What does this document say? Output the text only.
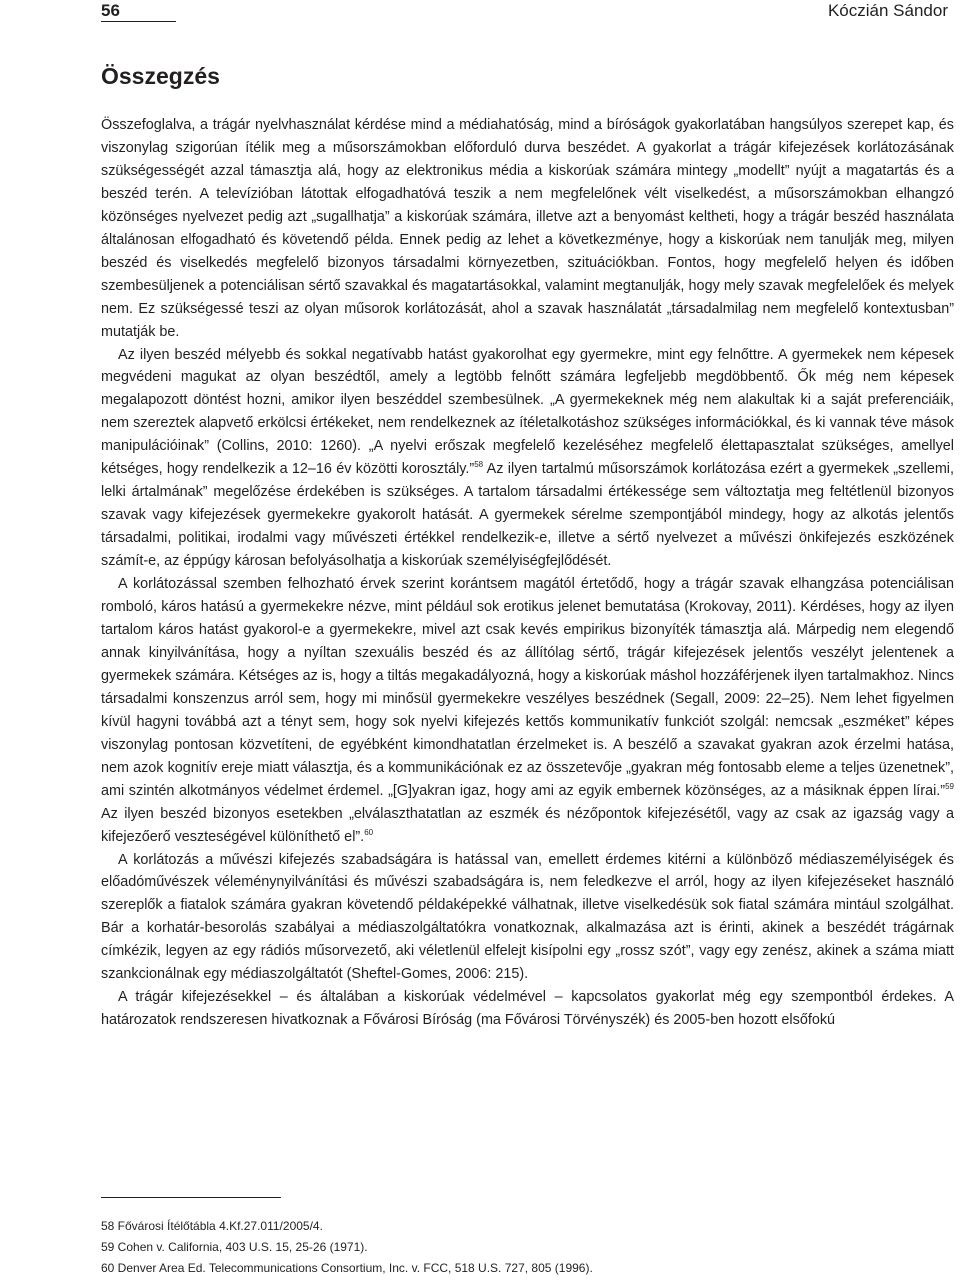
56	Kóczián Sándor
Összegzés

Összefoglalva, a trágár nyelvhasználat kérdése mind a médiahatóság, mind a bíróságok gyakorlatában hangsúlyos szerepet kap, és viszonylag szigorúan ítélik meg a műsorszámokban előforduló durva beszédet. A gyakorlat a trágár kifejezések korlátozásának szükségességét azzal támasztja alá, hogy az elektronikus média a kiskorúak számára mintegy „modellt” nyújt a magatartás és a beszéd terén. A televízióban látottak elfogadhatóvá teszik a nem megfelelőnek vélt viselkedést, a műsorszámokban elhangzó közönséges nyelvezet pedig azt „sugallhatja” a kiskorúak számára, illetve azt a benyomást keltheti, hogy a trágár beszéd használata általánosan elfogadható és követendő példa. Ennek pedig az lehet a következménye, hogy a kiskorúak nem tanulják meg, milyen beszéd és viselkedés megfelelő bizonyos társadalmi környezetben, szituációkban. Fontos, hogy megfelelő helyen és időben szembesüljenek a potenciálisan sértő szavakkal és magatartásokkal, valamint megtanulják, hogy mely szavak megfelelőek és melyek nem. Ez szükségessé teszi az olyan műsorok korlátozását, ahol a szavak használatát „társadalmilag nem megfelelő kontextusban” mutatják be.

Az ilyen beszéd mélyebb és sokkal negatívabb hatást gyakorolhat egy gyermekre, mint egy felnőttre. A gyermekek nem képesek megvédeni magukat az olyan beszédtől, amely a legtöbb felnőtt számára legfeljebb megdöbbentő. Ők még nem képesek megalapozott döntést hozni, amikor ilyen beszéddel szembesülnek. „A gyermekeknek még nem alakultak ki a saját preferenciáik, nem szereztek alapvető erkölcsi értékeket, nem rendelkeznek az ítéletalkotáshoz szükséges információkkal, és ki vannak téve mások manipulációinak” (Collins, 2010: 1260). „A nyelvi erőszak megfelelő kezeléséhez megfelelő élettapasztalat szükséges, amellyel kétséges, hogy rendelkezik a 12–16 év közötti korosztály.”$^{58}$ Az ilyen tartalmú műsorszámok korlátozása ezért a gyermekek „szellemi, lelki ártalmának” megelőzése érdekében is szükséges. A tartalom társadalmi értékessége sem változtatja meg feltétlenül bizonyos szavak vagy kifejezések gyermekekre gyakorolt hatását. A gyermekek sérelme szempontjából mindegy, hogy az alkotás jelentős társadalmi, politikai, irodalmi vagy művészeti értékkel rendelkezik-e, illetve a sértő nyelvezet a művészi önkifejezés eszközének számít-e, az éppúgy károsan befolyásolhatja a kiskorúak személyiségfejlődését.

A korlátozással szemben felhozható érvek szerint korántsem magától értetődő, hogy a trágár szavak elhangzása potenciálisan romboló, káros hatású a gyermekekre nézve, mint például sok erotikus jelenet bemutatása (Krokovay, 2011). Kérdéses, hogy az ilyen tartalom káros hatást gyakorol-e a gyermekekre, mivel azt csak kevés empirikus bizonyíték támasztja alá. Márpedig nem elegendő annak kinyilvánítása, hogy a nyíltan szexuális beszéd és az állítólag sértő, trágár kifejezések jelentős veszélyt jelentenek a gyermekek számára. Kétséges az is, hogy a tiltás megakadályozná, hogy a kiskorúak máshol hozzáférjenek ilyen tartalmakhoz. Nincs társadalmi konszenzus arról sem, hogy mi minősül gyermekekre veszélyes beszédnek (Segall, 2009: 22–25). Nem lehet figyelmen kívül hagyni továbbá azt a tényt sem, hogy sok nyelvi kifejezés kettős kommunikatív funkciót szolgál: nemcsak „eszméket” képes viszonylag pontosan közvetíteni, de egyébként kimondhatatlan érzelmeket is. A beszélő a szavakat gyakran azok érzelmi hatása, nem azok kognitív ereje miatt választja, és a kommunikációnak ez az összetevője „gyakran még fontosabb eleme a teljes üzenetnek”, ami szintén alkotmányos védelmet érdemel. „[G]yakran igaz, hogy ami az egyik embernek közönséges, az a másiknak éppen lírai.”$^{59}$ Az ilyen beszéd bizonyos esetekben „elválaszthatatlan az eszmék és nézőpontok kifejezésétől, vagy az csak az igazság vagy a kifejezőerő veszteségével különíthető el”.$^{60}$

A korlátozás a művészi kifejezés szabadságára is hatással van, emellett érdemes kitérni a különböző médiaszemélyiségek és előadóművészek véleménynyilvánítási és művészi szabadságára is, nem feledkezve el arról, hogy az ilyen kifejezéseket használó szereplők a fiatalok számára gyakran követendő példaképekké válhatnak, illetve viselkedésük sok fiatal számára mintául szolgálhat. Bár a korhatár-besorolás szabályai a médiaszolgáltatókra vonatkoznak, alkalmazása azt is érinti, akinek a beszédét trágárnak címkézik, legyen az egy rádiós műsorvezető, aki véletlenül elfelejt kisípolni egy „rossz szót”, vagy egy zenész, akinek a száma miatt szankcionálnak egy médiaszolgáltatót (Sheftel-Gomes, 2006: 215).

A trágár kifejezésekkel – és általában a kiskorúak védelmével – kapcsolatos gyakorlat még egy szempontból érdekes. A határozatok rendszeresen hivatkoznak a Fővárosi Bíróság (ma Fővárosi Törvényszék) és 2005-ben hozott elsőfokú

58 Fővárosi Ítélőtábla 4.Kf.27.011/2005/4.

59 Cohen v. California, 403 U.S. 15, 25-26 (1971).

60 Denver Area Ed. Telecommunications Consortium, Inc. v. FCC, 518 U.S. 727, 805 (1996).
